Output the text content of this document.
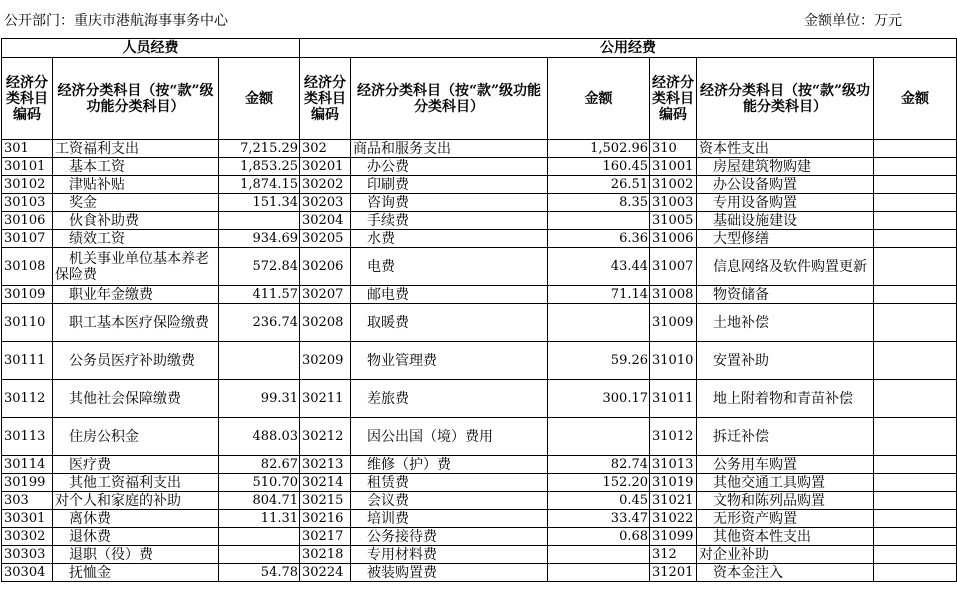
公开部门：重庆市港航海事事务中心	金额单位：万元
人员经费			公用经费					
经济分类科目编码	经济分类科目（按“款”级功能分类科目）	金额	经济分类科目编码	经济分类科目（按“款”级功能分类科目）	金额	经济分类科目编码	经济分类科目（按“款”级功能分类科目）	金额
301	工资福利支出	7,215.29	302	商品和服务支出	1,502.96	310	资本性支出	
30101	基本工资	1,853.25	30201	办公费	160.45	31001	房屋建筑物购建	
30102	津贴补贴	1,874.15	30202	印刷费	26.51	31002	办公设备购置	
30103	奖金	151.34	30203	咨询费	8.35	31003	专用设备购置	
30106	伙食补助费		30204	手续费		31005	基础设施建设	
30107	绩效工资	934.69	30205	水费	6.36	31006	大型修缮	
30108	机关事业单位基本养老保险费	572.84	30206	电费	43.44	31007	信息网络及软件购置更新	
30109	职业年金缴费	411.57	30207	邮电费	71.14	31008	物资储备	
30110	职工基本医疗保险缴费	236.74	30208	取暖费		31009	土地补偿	
30111	公务员医疗补助缴费		30209	物业管理费	59.26	31010	安置补助	
30112	其他社会保障缴费	99.31	30211	差旅费	300.17	31011	地上附着物和青苗补偿	
30113	住房公积金	488.03	30212	因公出国（境）费用		31012	拆迁补偿	
30114	医疗费	82.67	30213	维修（护）费	82.74	31013	公务用车购置	
30199	其他工资福利支出	510.70	30214	租赁费	152.20	31019	其他交通工具购置	
303	对个人和家庭的补助	804.71	30215	会议费	0.45	31021	文物和陈列品购置	
30301	离休费	11.31	30216	培训费	33.47	31022	无形资产购置	
30302	退休费		30217	公务接待费	0.68	31099	其他资本性支出	
30303	退职（役）费		30218	专用材料费		312	对企业补助	
30304	抚恤金	54.78	30224	被装购置费		31201	资本金注入	
